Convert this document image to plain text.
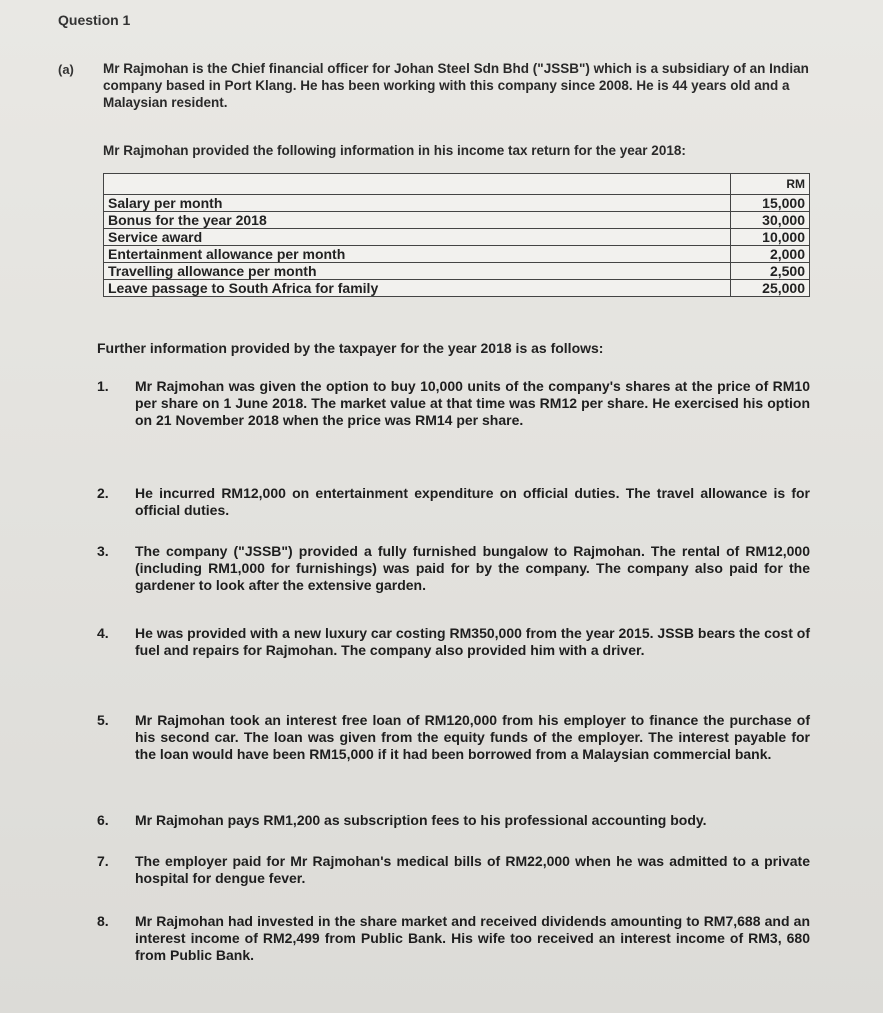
Question 1
(a) Mr Rajmohan is the Chief financial officer for Johan Steel Sdn Bhd ("JSSB") which is a subsidiary of an Indian company based in Port Klang. He has been working with this company since 2008. He is 44 years old and a Malaysian resident.
Mr Rajmohan provided the following information in his income tax return for the year 2018:
	RM
Salary per month	15,000
Bonus for the year 2018	30,000
Service award	10,000
Entertainment allowance per month	2,000
Travelling allowance per month	2,500
Leave passage to South Africa for family	25,000
Further information provided by the taxpayer for the year 2018 is as follows:
1.	Mr Rajmohan was given the option to buy 10,000 units of the company's shares at the price of RM10 per share on 1 June 2018. The market value at that time was RM12 per share. He exercised his option on 21 November 2018 when the price was RM14 per share.
2.	He incurred RM12,000 on entertainment expenditure on official duties. The travel allowance is for official duties.
3.	The company ("JSSB") provided a fully furnished bungalow to Rajmohan. The rental of RM12,000 (including RM1,000 for furnishings) was paid for by the company. The company also paid for the gardener to look after the extensive garden.
4.	He was provided with a new luxury car costing RM350,000 from the year 2015. JSSB bears the cost of fuel and repairs for Rajmohan. The company also provided him with a driver.
5.	Mr Rajmohan took an interest free loan of RM120,000 from his employer to finance the purchase of his second car. The loan was given from the equity funds of the employer. The interest payable for the loan would have been RM15,000 if it had been borrowed from a Malaysian commercial bank.
6.	Mr Rajmohan pays RM1,200 as subscription fees to his professional accounting body.
7.	The employer paid for Mr Rajmohan's medical bills of RM22,000 when he was admitted to a private hospital for dengue fever.
8.	Mr Rajmohan had invested in the share market and received dividends amounting to RM7,688 and an interest income of RM2,499 from Public Bank. His wife too received an interest income of RM3, 680 from Public Bank.
